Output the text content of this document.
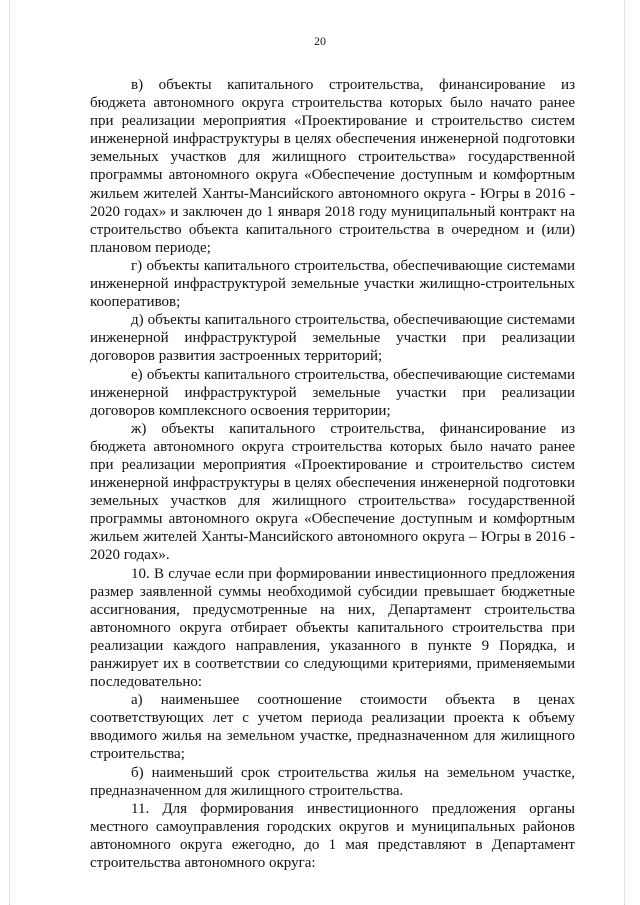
20

в) объекты капитального строительства, финансирование из бюджета автономного округа строительства которых было начато ранее при реализации мероприятия «Проектирование и строительство систем инженерной инфраструктуры в целях обеспечения инженерной подготовки земельных участков для жилищного строительства» государственной программы автономного округа «Обеспечение доступным и комфортным жильем жителей Ханты-Мансийского автономного округа - Югры в 2016 - 2020 годах» и заключен до 1 января 2018 году муниципальный контракт на строительство объекта капитального строительства в очередном и (или) плановом периоде;

г) объекты капитального строительства, обеспечивающие системами инженерной инфраструктурой земельные участки жилищно-строительных кооперативов;

д) объекты капитального строительства, обеспечивающие системами инженерной инфраструктурой земельные участки при реализации договоров развития застроенных территорий;

е) объекты капитального строительства, обеспечивающие системами инженерной инфраструктурой земельные участки при реализации договоров комплексного освоения территории;

ж) объекты капитального строительства, финансирование из бюджета автономного округа строительства которых было начато ранее при реализации мероприятия «Проектирование и строительство систем инженерной инфраструктуры в целях обеспечения инженерной подготовки земельных участков для жилищного строительства» государственной программы автономного округа «Обеспечение доступным и комфортным жильем жителей Ханты-Мансийского автономного округа – Югры в 2016 - 2020 годах».

10. В случае если при формировании инвестиционного предложения размер заявленной суммы необходимой субсидии превышает бюджетные ассигнования, предусмотренные на них, Департамент строительства автономного округа отбирает объекты капитального строительства при реализации каждого направления, указанного в пункте 9 Порядка, и ранжирует их в соответствии со следующими критериями, применяемыми последовательно:

а) наименьшее соотношение стоимости объекта в ценах соответствующих лет с учетом периода реализации проекта к объему вводимого жилья на земельном участке, предназначенном для жилищного строительства;

б) наименьший срок строительства жилья на земельном участке, предназначенном для жилищного строительства.

11. Для формирования инвестиционного предложения органы местного самоуправления городских округов и муниципальных районов автономного округа ежегодно, до 1 мая представляют в Департамент строительства автономного округа:
